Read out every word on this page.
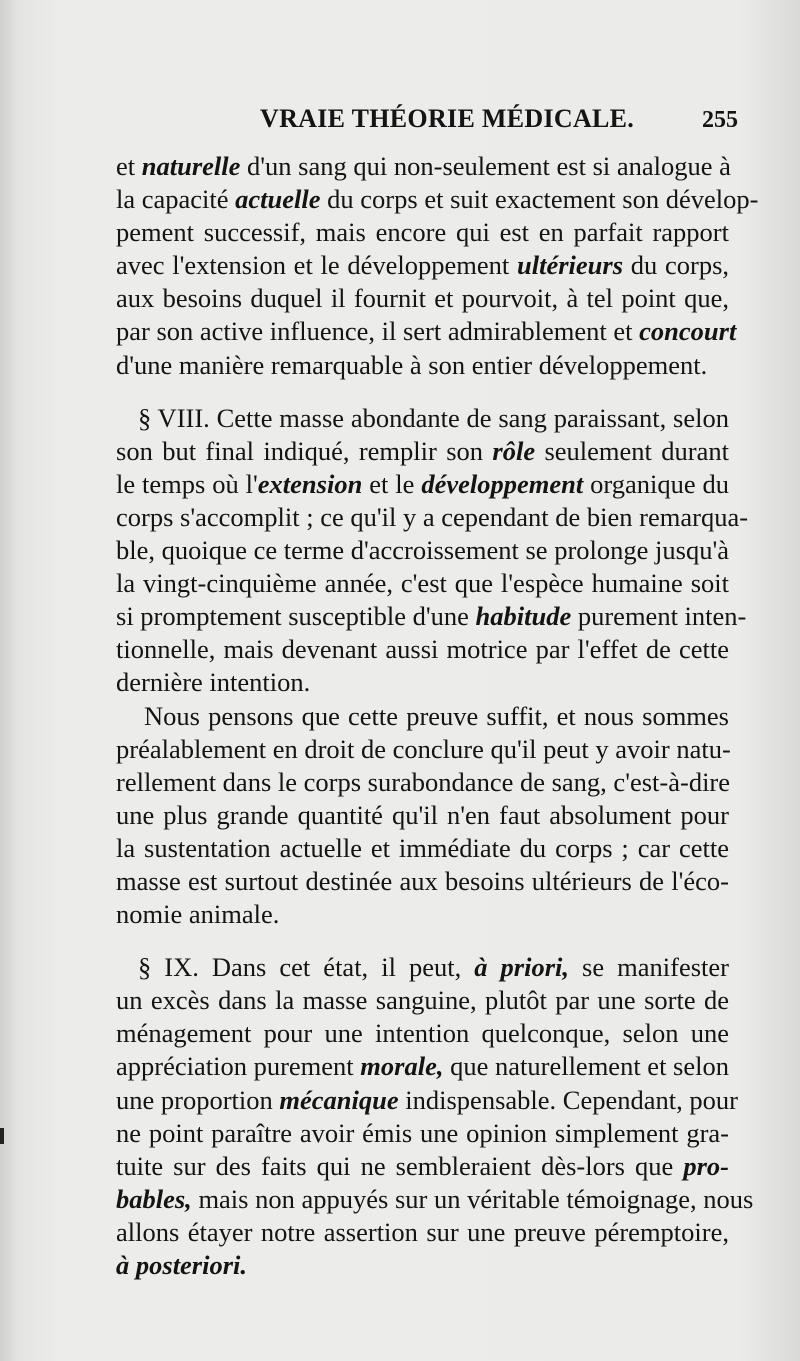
VRAIE THÉORIE MÉDICALE.	255
et naturelle d'un sang qui non-seulement est si analogue à
la capacité actuelle du corps et suit exactement son dévelop-
pement successif, mais encore qui est en parfait rapport
avec l'extension et le développement ultérieurs du corps,
aux besoins duquel il fournit et pourvoit, à tel point que,
par son active influence, il sert admirablement et concourt
d'une manière remarquable à son entier développement.
§ VIII. Cette masse abondante de sang paraissant, selon
son but final indiqué, remplir son rôle seulement durant
le temps où l'extension et le développement organique du
corps s'accomplit ; ce qu'il y a cependant de bien remarqua-
ble, quoique ce terme d'accroissement se prolonge jusqu'à
la vingt-cinquième année, c'est que l'espèce humaine soit
si promptement susceptible d'une habitude purement inten-
tionnelle, mais devenant aussi motrice par l'effet de cette
dernière intention.
Nous pensons que cette preuve suffit, et nous sommes
préalablement en droit de conclure qu'il peut y avoir natu-
rellement dans le corps surabondance de sang, c'est-à-dire
une plus grande quantité qu'il n'en faut absolument pour
la sustentation actuelle et immédiate du corps ; car cette
masse est surtout destinée aux besoins ultérieurs de l'éco-
nomie animale.
§ IX. Dans cet état, il peut, à priori, se manifester
un excès dans la masse sanguine, plutôt par une sorte de
ménagement pour une intention quelconque, selon une
appréciation purement morale, que naturellement et selon
une proportion mécanique indispensable. Cependant, pour
ne point paraître avoir émis une opinion simplement gra-
tuite sur des faits qui ne sembleraient dès-lors que pro-
bables, mais non appuyés sur un véritable témoignage, nous
allons étayer notre assertion sur une preuve péremptoire,
à posteriori.
